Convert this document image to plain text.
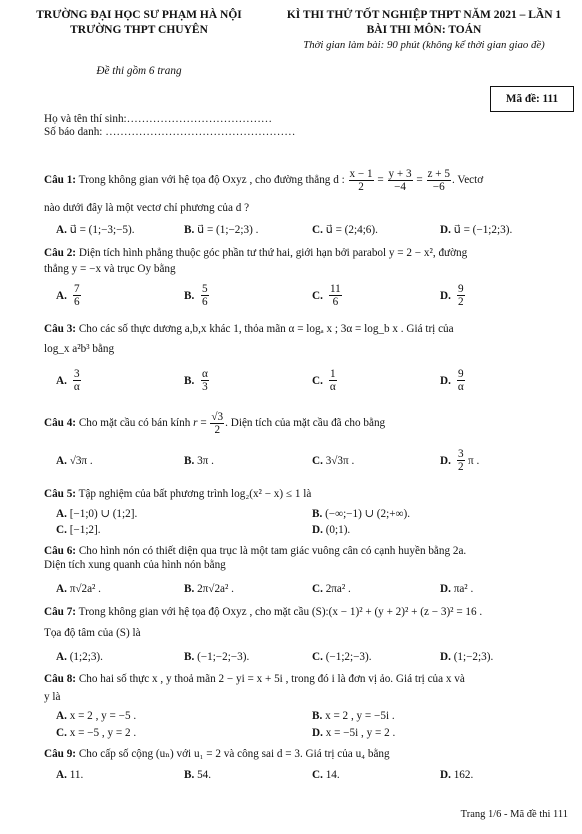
TRƯỜNG ĐẠI HỌC SƯ PHẠM HÀ NỘI
TRƯỜNG THPT CHUYÊN
KÌ THI THỬ TỐT NGHIỆP THPT NĂM 2021 – LẦN 1
BÀI THI MÔN: TOÁN
Thời gian làm bài: 90 phút (không kể thời gian giao đề)
Đề thi gồm 6 trang
Mã đề: 111
Họ và tên thí sinh:…………………………………
Số báo danh: ……………………………………………
Câu 1: Trong không gian với hệ tọa độ Oxyz , cho đường thẳng d : $\frac{x - 1}{2} = \frac{y + 3}{-4} = \frac{z + 5}{-6}$ . Vectơ
nào dưới đây là một vectơ chỉ phương của d ?
A. u⃗ = (1;−3;−5).	B. u⃗ = (1;−2;3) .	C. u⃗ = (2;4;6).	D. u⃗ = (−1;2;3).
Câu 2: Diện tích hình phẳng thuộc góc phần tư thứ hai, giới hạn bởi parabol y = 2 − x², đường
thẳng y = −x và trục Oy bằng
A. $\frac{7}{6}$	B. $\frac{5}{6}$	C. $\frac{11}{6}$	D. $\frac{9}{2}$
Câu 3: Cho các số thực dương a,b,x khác 1, thỏa mãn α = logₐ x ; 3α = log_b x . Giá trị của
log_x a²b³ bằng
A. $\frac{3}{\alpha}$	B. $\frac{\alpha}{3}$	C. $\frac{1}{\alpha}$	D. $\frac{9}{\alpha}$
Câu 4: Cho mặt cầu có bán kính $r = \frac{√3}{2}$ . Diện tích của mặt cầu đã cho bằng
A. √3π .	B. 3π .	C. 3√3π .	D. $\frac{3}{2}$ π .
Câu 5: Tập nghiệm của bất phương trình log₂(x² − x) ≤ 1 là
A. [−1;0) ∪ (1;2].	B. (−∞;−1) ∪ (2;+∞).
C. [−1;2].	D. (0;1).
Câu 6: Cho hình nón có thiết diện qua trục là một tam giác vuông cân có cạnh huyền bằng 2a.
Diện tích xung quanh của hình nón bằng
A. π√2a² .	B. 2π√2a² .	C. 2πa² .	D. πa² .
Câu 7: Trong không gian với hệ tọa độ Oxyz , cho mặt cầu (S):(x − 1)² + (y + 2)² + (z − 3)² = 16 .
Tọa độ tâm của (S) là
A. (1;2;3).	B. (−1;−2;−3).	C. (−1;2;−3).	D. (1;−2;3).
Câu 8: Cho hai số thực x , y thoả mãn 2 − yi = x + 5i , trong đó i là đơn vị ảo. Giá trị của x và
y là
A. x = 2 , y = −5 .	B. x = 2 , y = −5i .
C. x = −5 , y = 2 .	D. x = −5i , y = 2 .
Câu 9: Cho cấp số cộng (uₙ) với u₁ = 2 và công sai d = 3. Giá trị của u₄ bằng
A. 11.	B. 54.	C. 14.	D. 162.
Trang 1/6 - Mã đề thi 111
